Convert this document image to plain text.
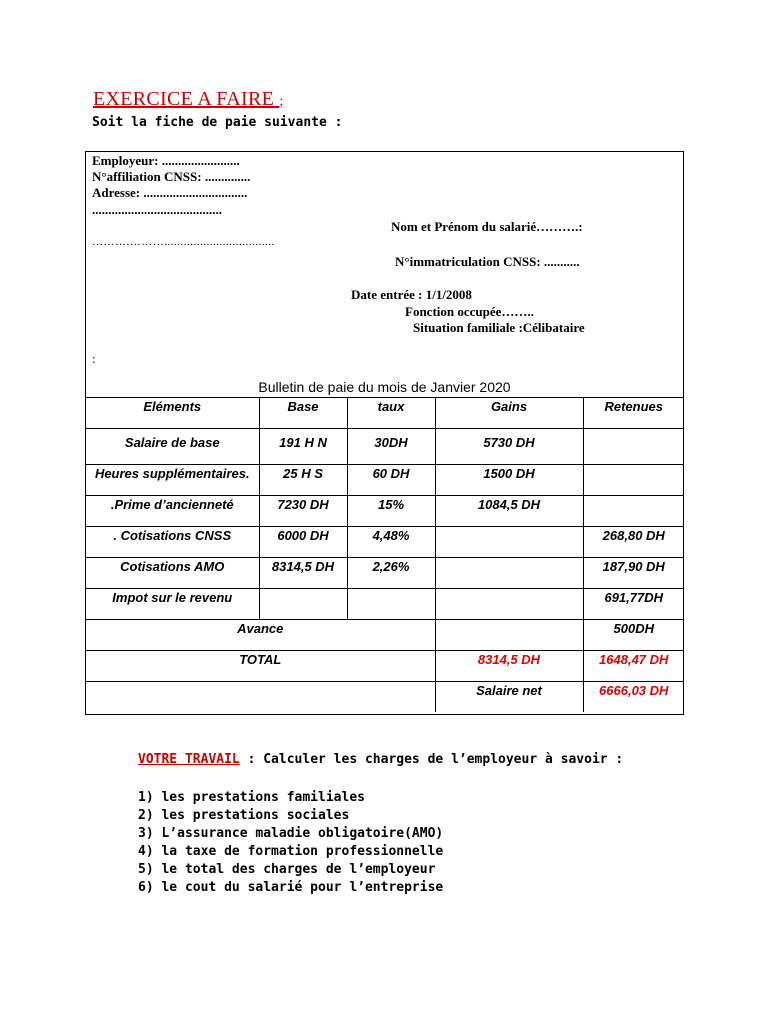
EXERCICE A FAIRE ;
Soit la fiche de paie suivante :
Employeur: ........................
N°affiliation CNSS: ..............
Adresse: ................................
........................................
……….………..................................
Nom et Prénom du salarié……….:
N°immatriculation CNSS: ...........
Date entrée : 1/1/2008
Fonction occupée……..
Situation familiale :Célibataire
:
Bulletin de paie du mois de Janvier 2020
Eléments	Base	taux	Gains	Retenues
Salaire de base	191 H N	30DH	5730 DH	
Heures supplémentaires.	25 H S	60 DH	1500 DH	
.Prime d’ancienneté	7230 DH	15%	1084,5 DH	
. Cotisations CNSS	6000 DH	4,48%		268,80 DH
Cotisations AMO	8314,5 DH	2,26%		187,90 DH
Impot sur le revenu				691,77DH
Avance				500DH
TOTAL			8314,5 DH	1648,47 DH
			Salaire net	6666,03 DH
VOTRE TRAVAIL : Calculer les charges de l’employeur à savoir :
1) les prestations familiales
2) les prestations sociales
3) L’assurance maladie obligatoire(AMO)
4) la taxe de formation professionnelle
5) le total des charges de l’employeur
6) le cout du salarié pour l’entreprise
